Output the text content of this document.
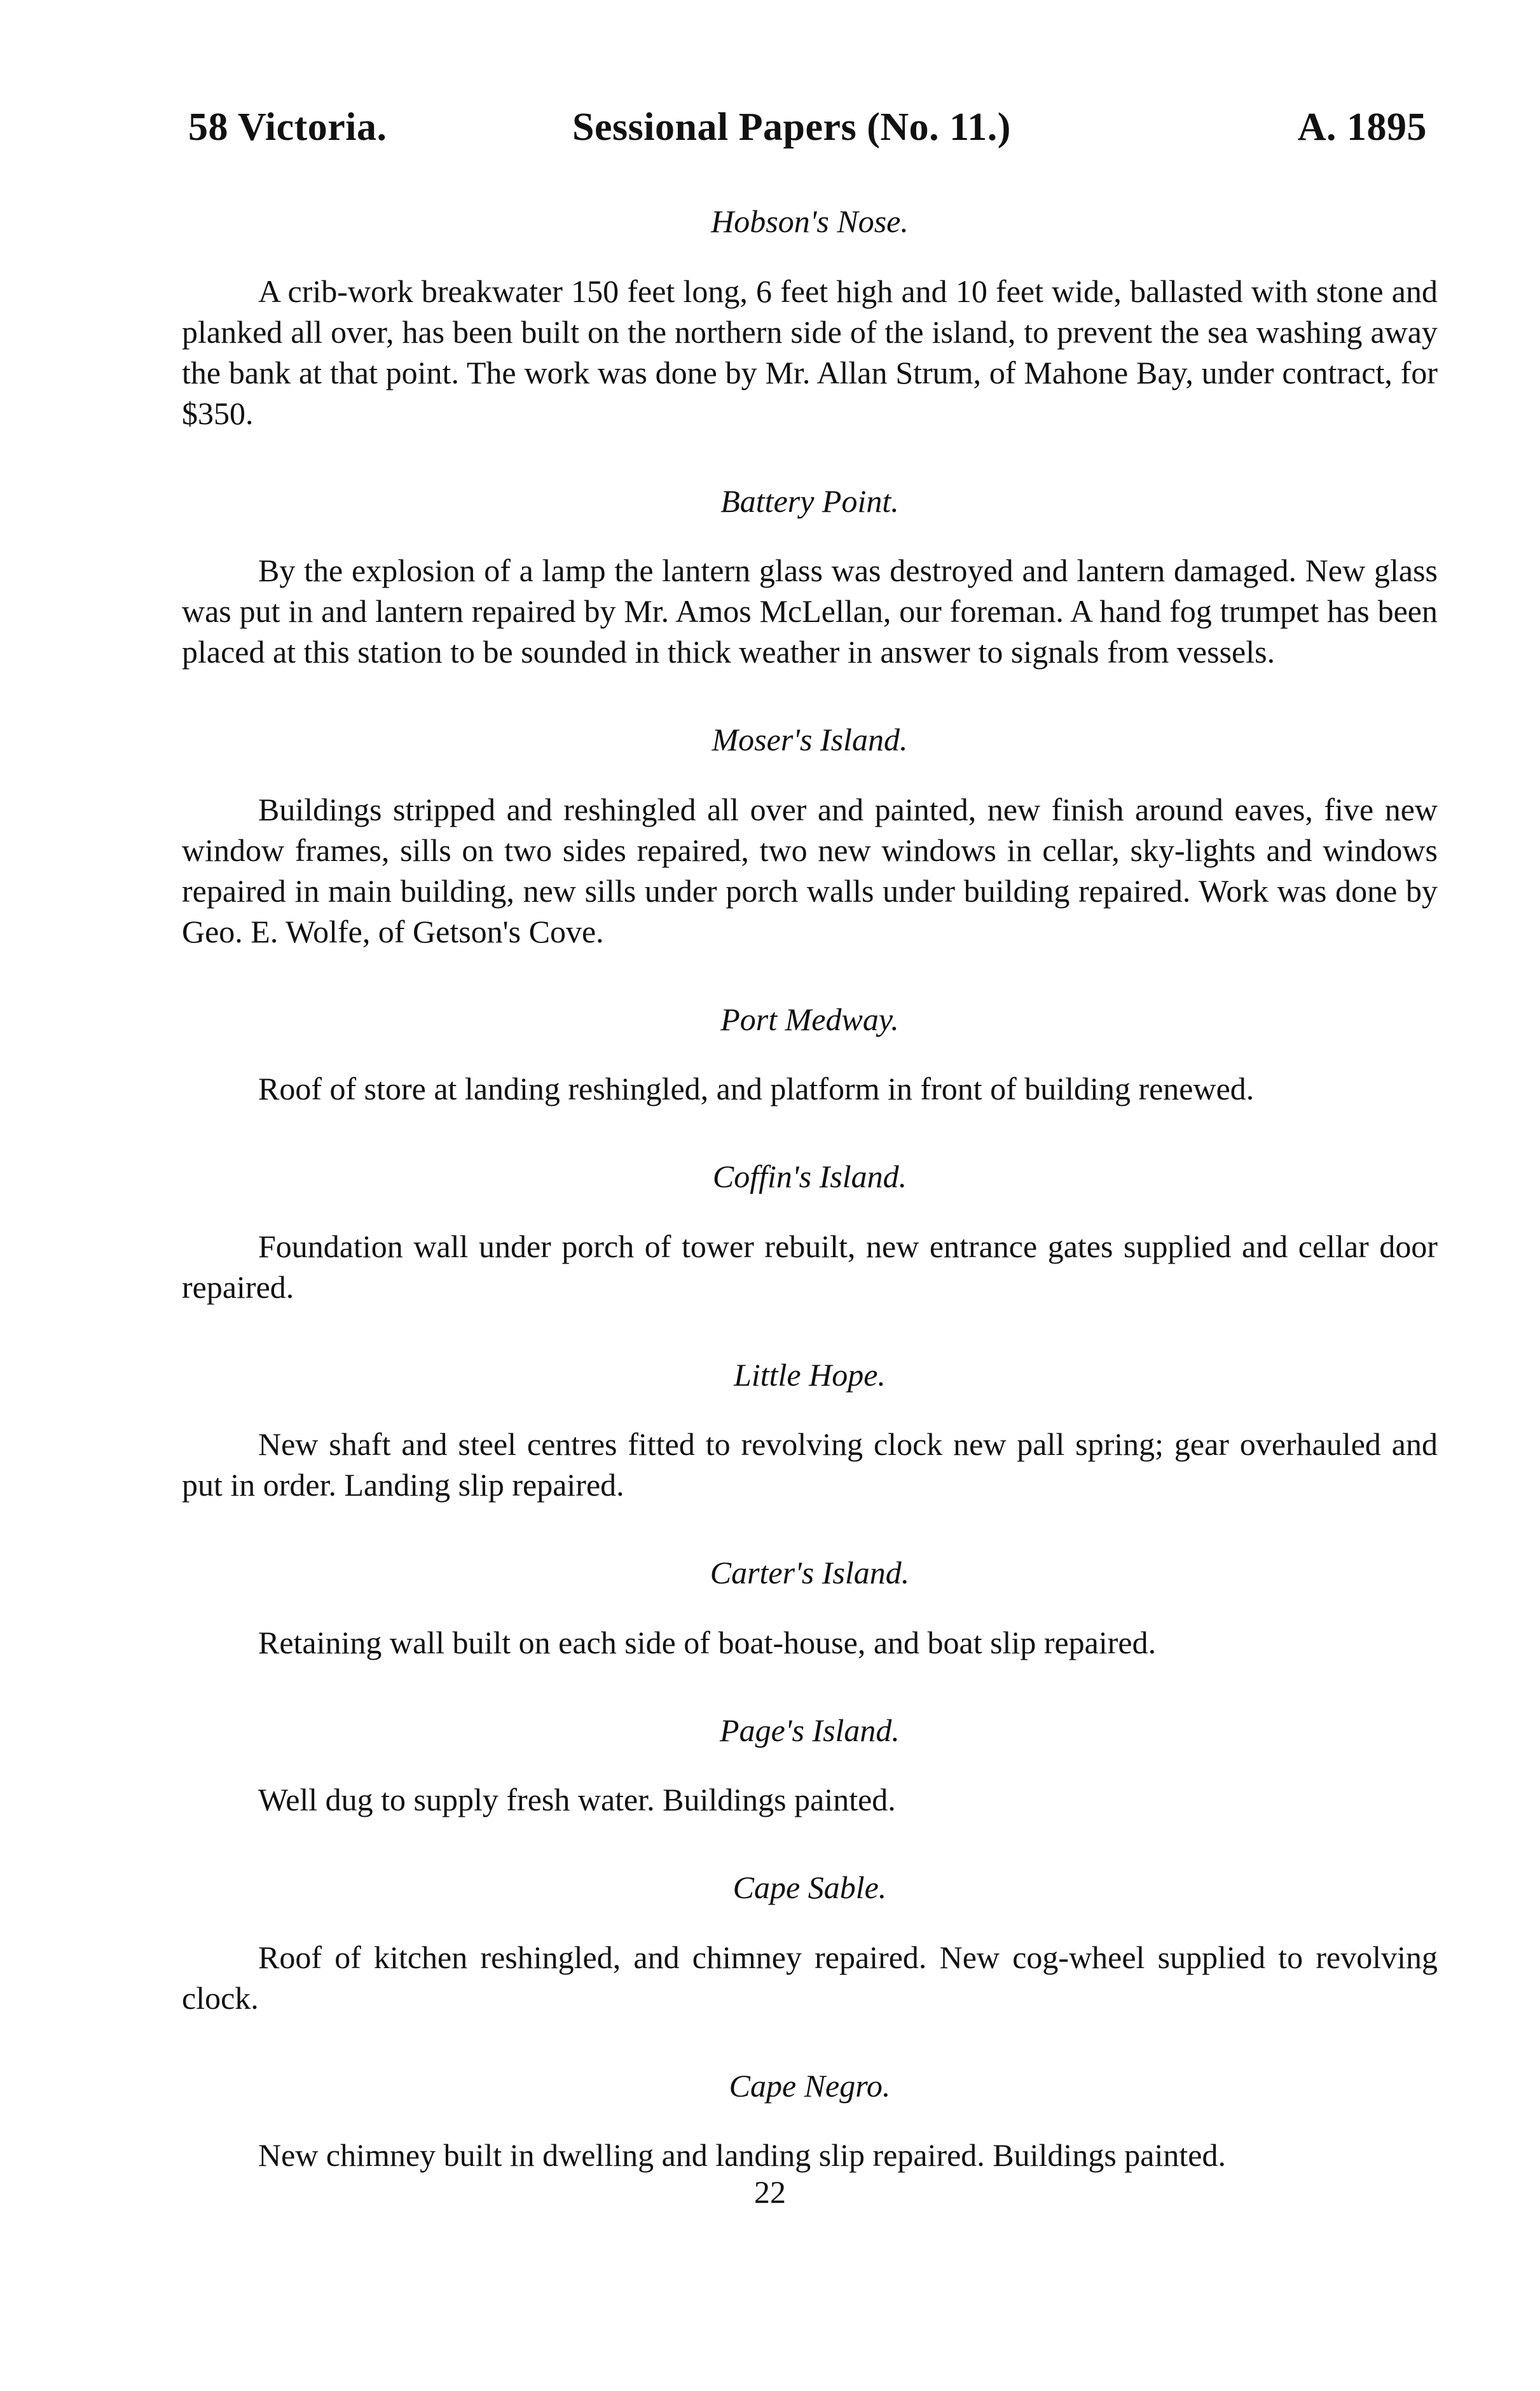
58 Victoria.	Sessional Papers (No. 11.)	A. 1895

Hobson's Nose.

A crib-work breakwater 150 feet long, 6 feet high and 10 feet wide, ballasted with stone and planked all over, has been built on the northern side of the island, to prevent the sea washing away the bank at that point. The work was done by Mr. Allan Strum, of Mahone Bay, under contract, for $350.

Battery Point.

By the explosion of a lamp the lantern glass was destroyed and lantern damaged. New glass was put in and lantern repaired by Mr. Amos McLellan, our foreman. A hand fog trumpet has been placed at this station to be sounded in thick weather in answer to signals from vessels.

Moser's Island.

Buildings stripped and reshingled all over and painted, new finish around eaves, five new window frames, sills on two sides repaired, two new windows in cellar, sky-lights and windows repaired in main building, new sills under porch walls under building repaired. Work was done by Geo. E. Wolfe, of Getson's Cove.

Port Medway.

Roof of store at landing reshingled, and platform in front of building renewed.

Coffin's Island.

Foundation wall under porch of tower rebuilt, new entrance gates supplied and cellar door repaired.

Little Hope.

New shaft and steel centres fitted to revolving clock new pall spring; gear overhauled and put in order. Landing slip repaired.

Carter's Island.

Retaining wall built on each side of boat-house, and boat slip repaired.

Page's Island.

Well dug to supply fresh water. Buildings painted.

Cape Sable.

Roof of kitchen reshingled, and chimney repaired. New cog-wheel supplied to revolving clock.

Cape Negro.

New chimney built in dwelling and landing slip repaired. Buildings painted.

22
